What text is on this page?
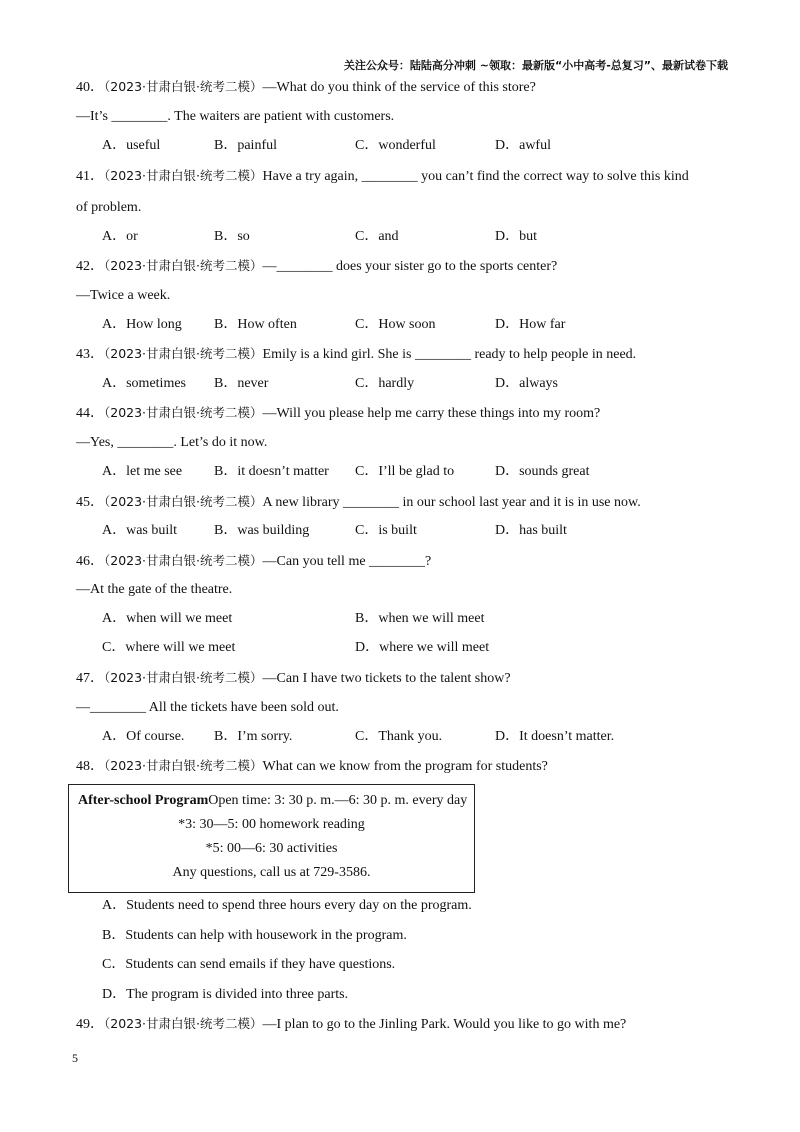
关注公众号：陆陆高分冲刺 ~领取：最新版“小中高考-总复习”、最新试卷下载
40．（2023·甘肃白银·统考二模）—What do you think of the service of this store?
—It’s ________. The waiters are patient with customers.
A．useful	B．painful	C．wonderful	D．awful
41．（2023·甘肃白银·统考二模）Have a try again, ________ you can’t find the correct way to solve this kind
of problem.
A．or	B．so	C．and	D．but
42．（2023·甘肃白银·统考二模）—________ does your sister go to the sports center?
—Twice a week.
A．How long B．How often	C．How soon	D．How far
43．（2023·甘肃白银·统考二模）Emily is a kind girl. She is ________ ready to help people in need.
A．sometimes B．never	C．hardly	D．always
44．（2023·甘肃白银·统考二模）—Will you please help me carry these things into my room?
—Yes, ________. Let’s do it now.
A．let me see B．it doesn’t matter C．I’ll be glad to	D．sounds great
45．（2023·甘肃白银·统考二模）A new library ________ in our school last year and it is in use now.
A．was built	B．was building	C．is built	D．has built
46．（2023·甘肃白银·统考二模）—Can you tell me ________?
—At the gate of the theatre.
A．when will we meet	B．when we will meet
C．where will we meet	D．where we will meet
47．（2023·甘肃白银·统考二模）—Can I have two tickets to the talent show?
—________ All the tickets have been sold out.
A．Of course. B．I’m sorry.	C．Thank you.	D．It doesn’t matter.
48．（2023·甘肃白银·统考二模）What can we know from the program for students?
After-school ProgramOpen time: 3: 30 p. m.—6: 30 p. m. every day
*3: 30—5: 00 homework reading
*5: 00—6: 30 activities
Any questions, call us at 729-3586.
A．Students need to spend three hours every day on the program.
B．Students can help with housework in the program.
C．Students can send emails if they have questions.
D．The program is divided into three parts.
49．（2023·甘肃白银·统考二模）—I plan to go to the Jinling Park. Would you like to go with me?
5
